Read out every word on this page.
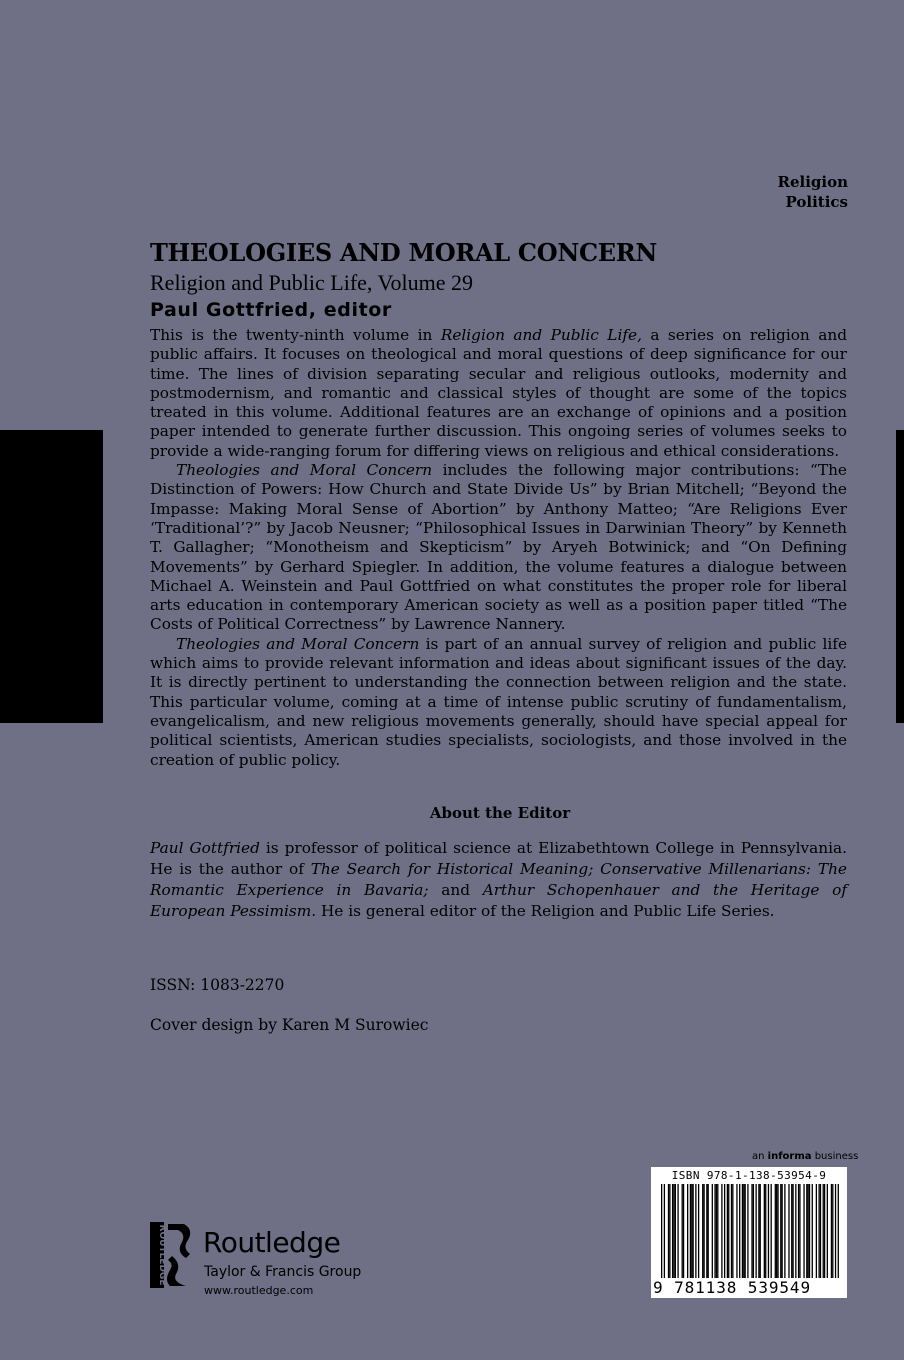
Religion
Politics
THEOLOGIES AND MORAL CONCERN
Religion and Public Life, Volume 29
Paul Gottfried, editor

This is the twenty-ninth volume in Religion and Public Life, a series on religion and public affairs. It focuses on theological and moral questions of deep significance for our time. The lines of division separating secular and religious outlooks, modernity and postmodernism, and romantic and classical styles of thought are some of the topics treated in this volume. Additional features are an exchange of opinions and a position paper intended to generate further discussion. This ongoing series of volumes seeks to provide a wide-ranging forum for differing views on religious and ethical considerations.

Theologies and Moral Concern includes the following major contributions: “The Distinction of Powers: How Church and State Divide Us” by Brian Mitchell; “Beyond the Impasse: Making Moral Sense of Abortion” by Anthony Matteo; “Are Religions Ever ‘Traditional’?” by Jacob Neusner; “Philosophical Issues in Darwinian Theory” by Kenneth T. Gallagher; “Monotheism and Skepticism” by Aryeh Botwinick; and “On Defining Movements” by Gerhard Spiegler. In addition, the volume features a dialogue between Michael A. Weinstein and Paul Gottfried on what constitutes the proper role for liberal arts education in contemporary American society as well as a position paper titled “The Costs of Political Correctness” by Lawrence Nannery.

Theologies and Moral Concern is part of an annual survey of religion and public life which aims to provide relevant information and ideas about significant issues of the day. It is directly pertinent to understanding the connection between religion and the state. This particular volume, coming at a time of intense public scrutiny of fundamentalism, evangelicalism, and new religious movements generally, should have special appeal for political scientists, American studies specialists, sociologists, and those involved in the creation of public policy.

About the Editor

Paul Gottfried is professor of political science at Elizabethtown College in Pennsylvania. He is the author of The Search for Historical Meaning; Conservative Millenarians: The Romantic Experience in Bavaria; and Arthur Schopenhauer and the Heritage of European Pessimism. He is general editor of the Religion and Public Life Series.

ISSN: 1083-2270
Cover design by Karen M Surowiec
an informa business
ISBN 978-1-138-53954-9
9 781138 539549
ROUTLEDGE Routledge
Taylor & Francis Group
www.routledge.com
